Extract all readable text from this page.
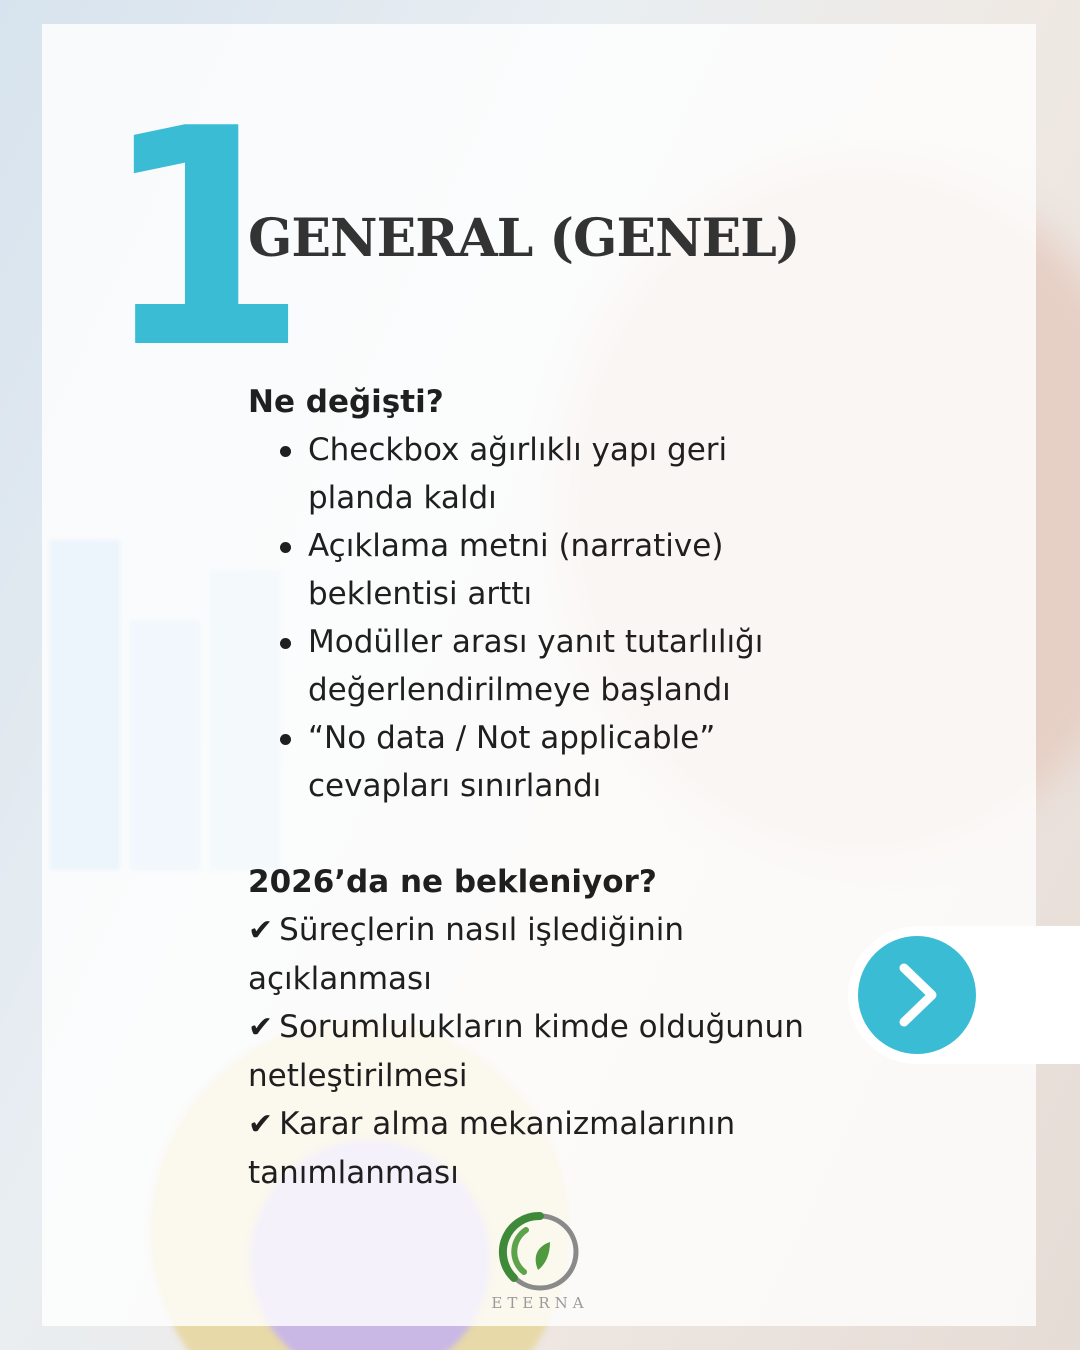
1
GENERAL (GENEL)

Ne değişti?

Checkbox ağırlıklı yapı geri planda kaldı
Açıklama metni (narrative) beklentisi arttı
Modüller arası yanıt tutarlılığı değerlendirilmeye başlandı
“No data / Not applicable” cevapları sınırlandı

2026’da ne bekleniyor?

✔ Süreçlerin nasıl işlediğinin açıklanması

✔ Sorumlulukların kimde olduğunun netleştirilmesi

✔ Karar alma mekanizmalarının tanımlanması

ETERNA
